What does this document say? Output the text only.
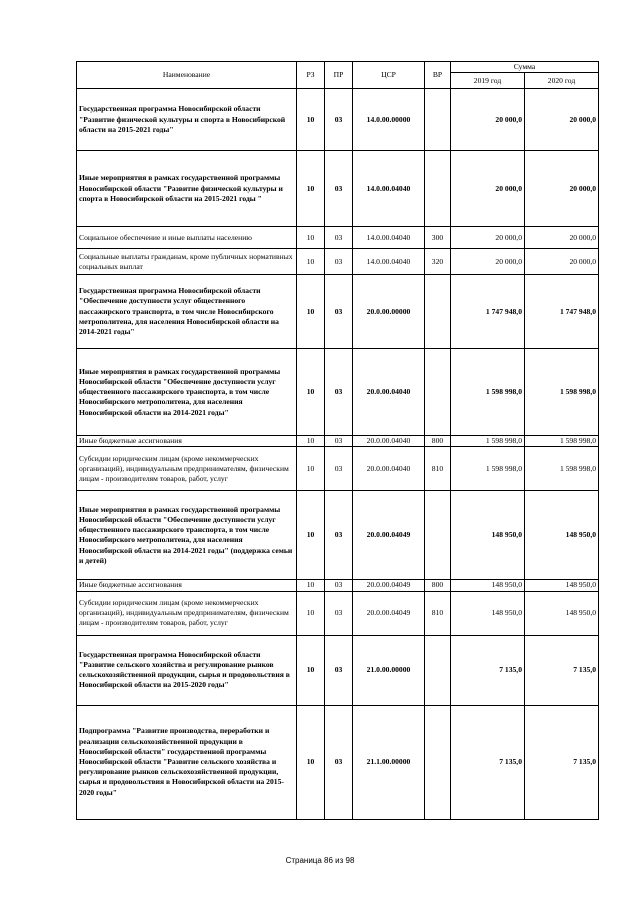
Наименование	РЗ	ПР	ЦСР	ВР	Сумма	
					2019 год	2020 год
Государственная программа Новосибирской области "Развитие физической культуры и спорта в Новосибирской области на 2015-2021 годы"	10	03	14.0.00.00000		20 000,0	20 000,0
Иные мероприятия в рамках государственной программы Новосибирской области "Развитие физической культуры и спорта в Новосибирской области на 2015-2021 годы "	10	03	14.0.00.04040		20 000,0	20 000,0
Социальное обеспечение и иные выплаты населению	10	03	14.0.00.04040	300	20 000,0	20 000,0
Социальные выплаты гражданам, кроме публичных нормативных социальных выплат	10	03	14.0.00.04040	320	20 000,0	20 000,0
Государственная программа Новосибирской области "Обеспечение доступности услуг общественного пассажирского транспорта, в том числе Новосибирского метрополитена, для населения Новосибирской области на 2014-2021 годы"	10	03	20.0.00.00000		1 747 948,0	1 747 948,0
Иные мероприятия в рамках государственной программы Новосибирской области "Обеспечение доступности услуг общественного пассажирского транспорта, в том числе Новосибирского метрополитена, для населения Новосибирской области на 2014-2021 годы"	10	03	20.0.00.04040		1 598 998,0	1 598 998,0
Иные бюджетные ассигнования	10	03	20.0.00.04040	800	1 598 998,0	1 598 998,0
Субсидии юридическим лицам (кроме некоммерческих организаций), индивидуальным предпринимателям, физическим лицам - производителям товаров, работ, услуг	10	03	20.0.00.04040	810	1 598 998,0	1 598 998,0
Иные мероприятия в рамках государственной программы Новосибирской области "Обеспечение доступности услуг общественного пассажирского транспорта, в том числе Новосибирского метрополитена, для населения Новосибирской области на 2014-2021 годы" (поддержка семьи и детей)	10	03	20.0.00.04049		148 950,0	148 950,0
Иные бюджетные ассигнования	10	03	20.0.00.04049	800	148 950,0	148 950,0
Субсидии юридическим лицам (кроме некоммерческих организаций), индивидуальным предпринимателям, физическим лицам - производителям товаров, работ, услуг	10	03	20.0.00.04049	810	148 950,0	148 950,0
Государственная программа Новосибирской области "Развитие сельского хозяйства и регулирование рынков сельскохозяйственной продукции, сырья и продовольствия в Новосибирской области на 2015-2020 годы"	10	03	21.0.00.00000		7 135,0	7 135,0
Подпрограмма "Развитие производства, переработки и реализации сельскохозяйственной продукции в Новосибирской области" государственной программы Новосибирской области "Развитие сельского хозяйства и регулирование рынков сельскохозяйственной продукции, сырья и продовольствия в Новосибирской области на 2015-2020 годы"	10	03	21.1.00.00000		7 135,0	7 135,0
Страница 86 из 98
